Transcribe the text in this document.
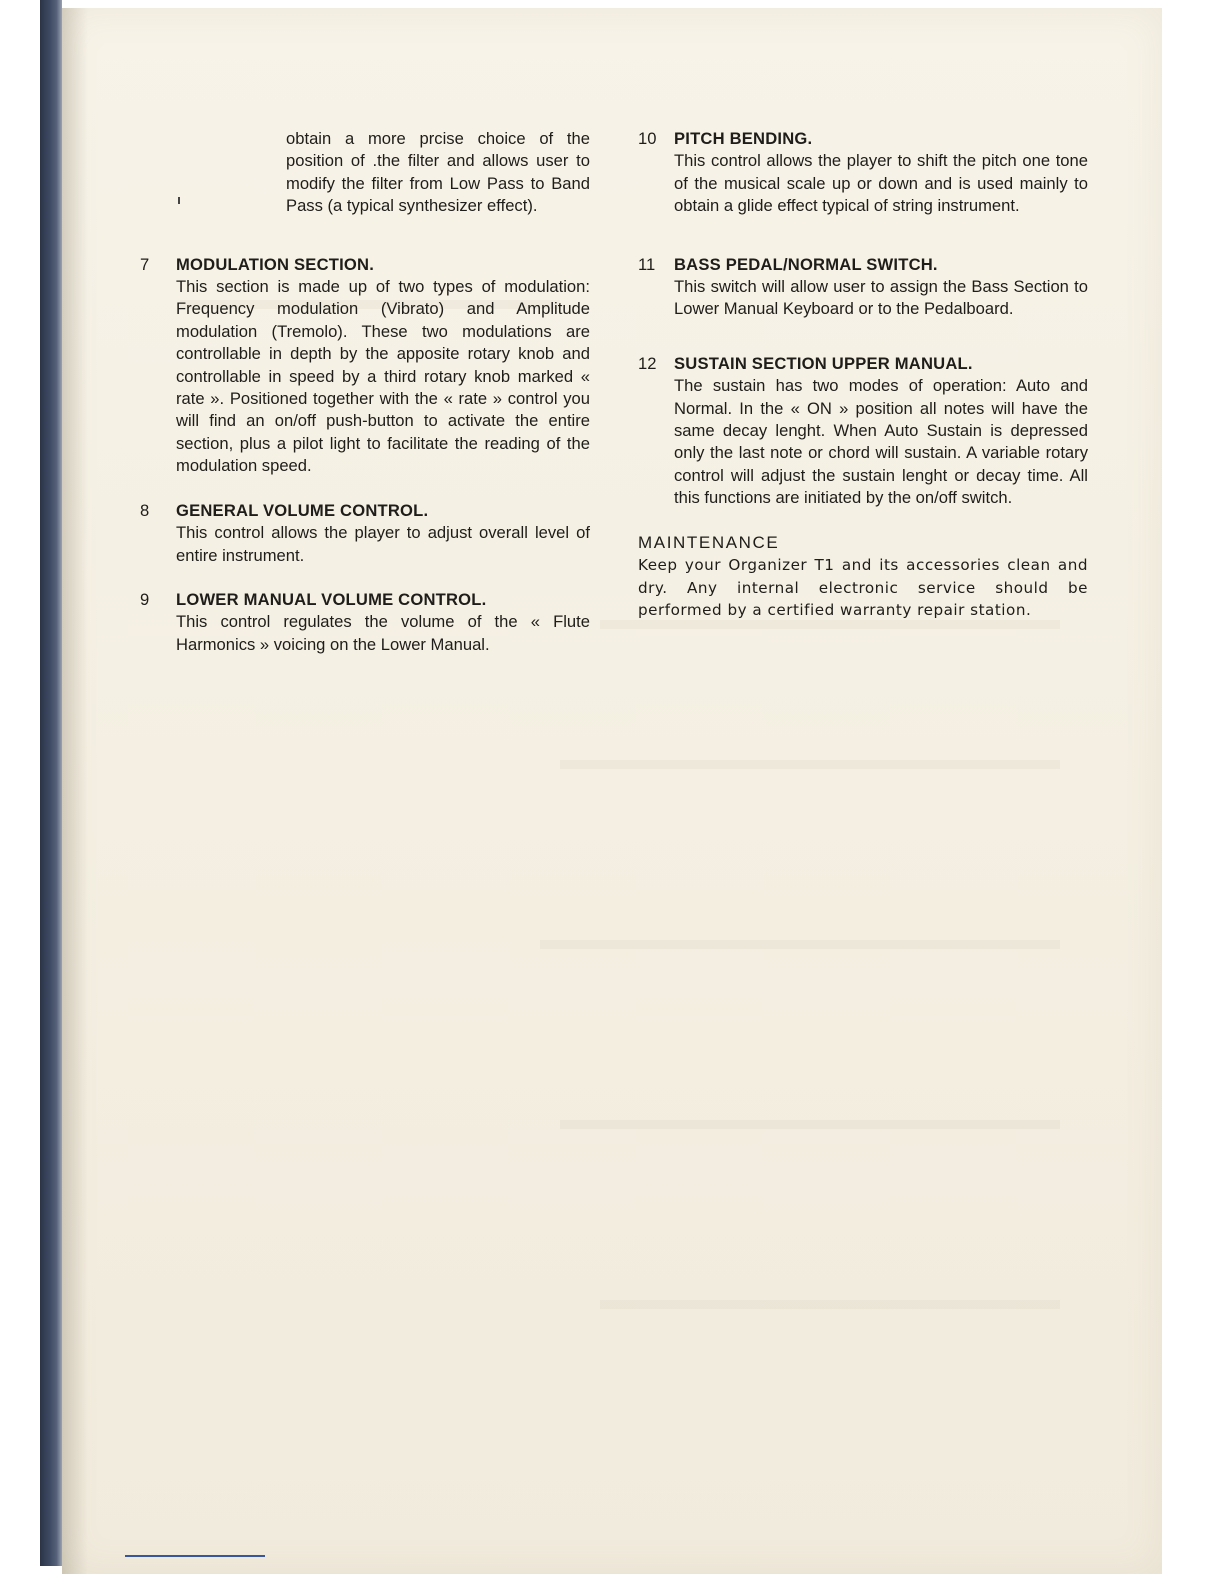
obtain a more prcise choice of the position of .the filter and allows user to modify the filter from Low Pass to Band Pass (a typical synthesizer effect).
7 MODULATION SECTION.
This section is made up of two types of modulation: Frequency modulation (Vibrato) and Amplitude modulation (Tremolo). These two modulations are controllable in depth by the apposite rotary knob and controllable in speed by a third rotary knob marked « rate ». Positioned together with the « rate » control you will find an on/off push-button to activate the entire section, plus a pilot light to facilitate the reading of the modulation speed.
8 GENERAL VOLUME CONTROL.
This control allows the player to adjust overall level of entire instrument.
9 LOWER MANUAL VOLUME CONTROL.
This control regulates the volume of the « Flute Harmonics » voicing on the Lower Manual.
10 PITCH BENDING.
This control allows the player to shift the pitch one tone of the musical scale up or down and is used mainly to obtain a glide effect typical of string instrument.
11 BASS PEDAL/NORMAL SWITCH.
This switch will allow user to assign the Bass Section to Lower Manual Keyboard or to the Pedalboard.
12 SUSTAIN SECTION UPPER MANUAL.
The sustain has two modes of operation: Auto and Normal. In the « ON » position all notes will have the same decay lenght. When Auto Sustain is depressed only the last note or chord will sustain. A variable rotary control will adjust the sustain lenght or decay time. All this functions are initiated by the on/off switch.
MAINTENANCE
Keep your Organizer T1 and its accessories clean and dry. Any internal electronic service should be performed by a certified warranty repair station.
